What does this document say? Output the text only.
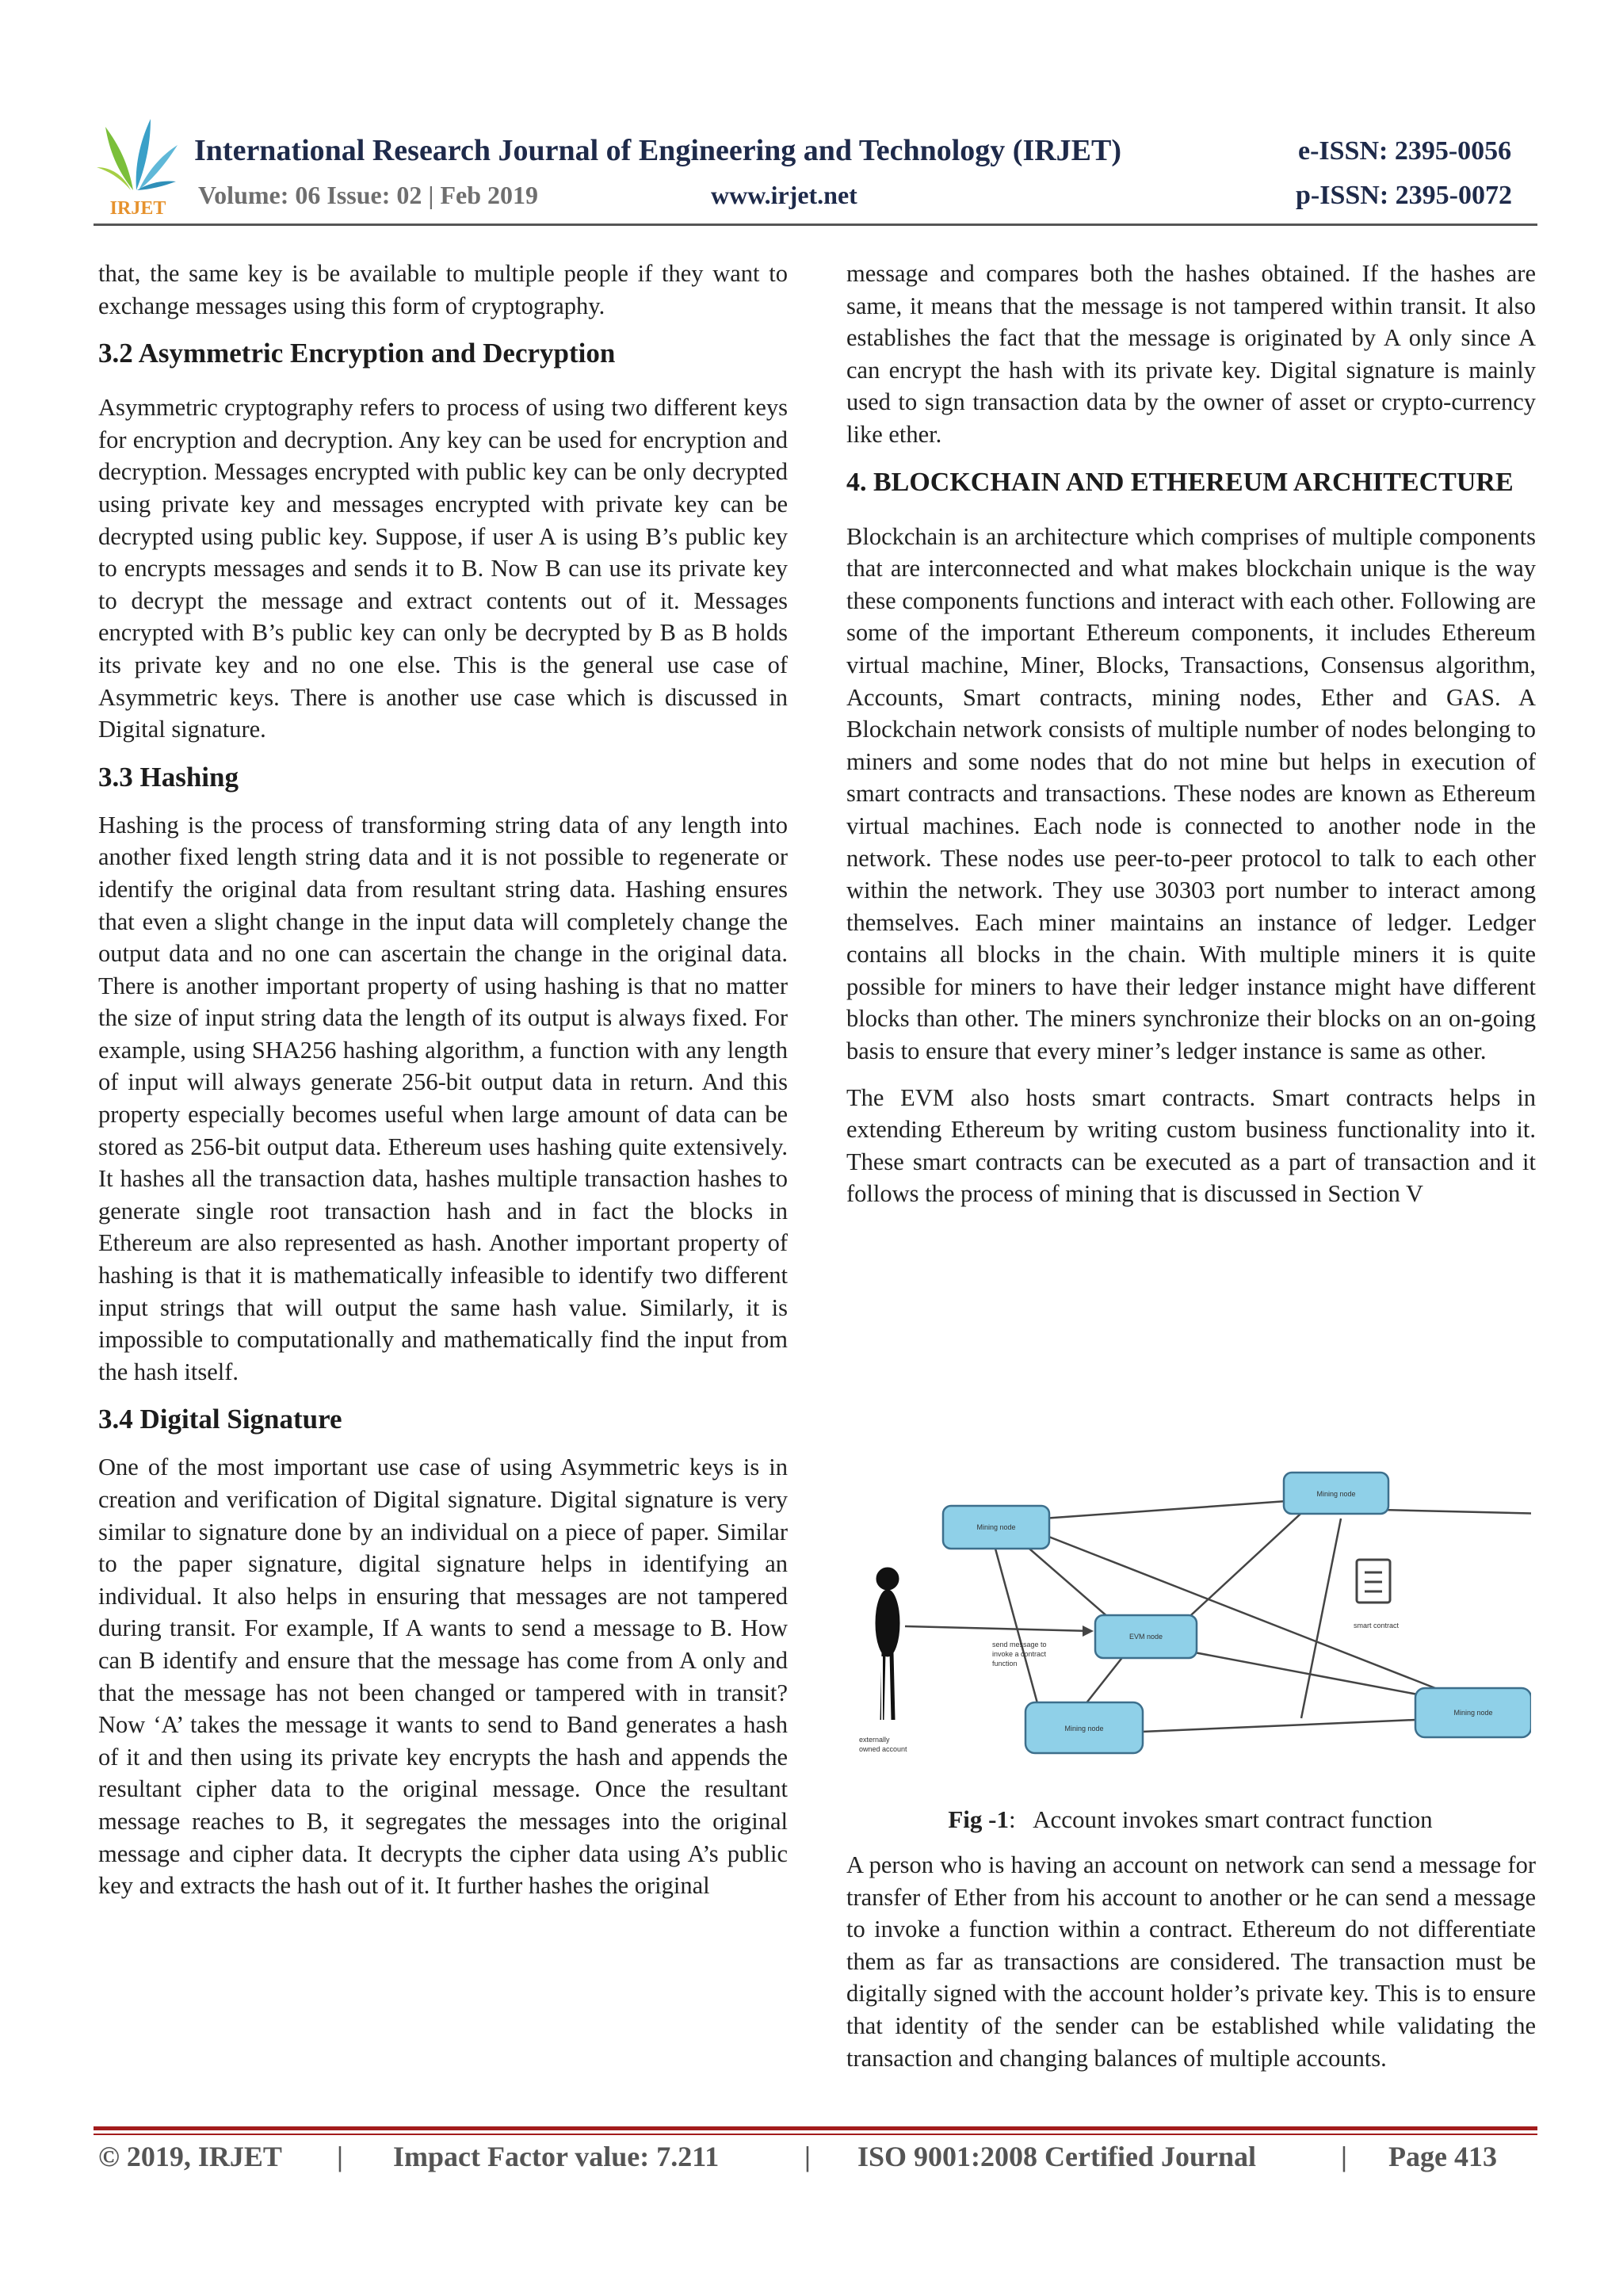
IRJET
International Research Journal of Engineering and Technology (IRJET)	e-ISSN: 2395-0056
Volume: 06 Issue: 02 | Feb 2019	www.irjet.net	p-ISSN: 2395-0072

that, the same key is be available to multiple people if they want to exchange messages using this form of cryptography.

3.2 Asymmetric Encryption and Decryption

Asymmetric cryptography refers to process of using two different keys for encryption and decryption. Any key can be used for encryption and decryption. Messages encrypted with public key can be only decrypted using private key and messages encrypted with private key can be decrypted using public key. Suppose, if user A is using B’s public key to encrypts messages and sends it to B. Now B can use its private key to decrypt the message and extract contents out of it. Messages encrypted with B’s public key can only be decrypted by B as B holds its private key and no one else. This is the general use case of Asymmetric keys. There is another use case which is discussed in Digital signature.

3.3 Hashing

Hashing is the process of transforming string data of any length into another fixed length string data and it is not possible to regenerate or identify the original data from resultant string data. Hashing ensures that even a slight change in the input data will completely change the output data and no one can ascertain the change in the original data. There is another important property of using hashing is that no matter the size of input string data the length of its output is always fixed. For example, using SHA256 hashing algorithm, a function with any length of input will always generate 256-bit output data in return. And this property especially becomes useful when large amount of data can be stored as 256-bit output data. Ethereum uses hashing quite extensively. It hashes all the transaction data, hashes multiple transaction hashes to generate single root transaction hash and in fact the blocks in Ethereum are also represented as hash. Another important property of hashing is that it is mathematically infeasible to identify two different input strings that will output the same hash value. Similarly, it is impossible to computationally and mathematically find the input from the hash itself.

3.4 Digital Signature

One of the most important use case of using Asymmetric keys is in creation and verification of Digital signature. Digital signature is very similar to signature done by an individual on a piece of paper. Similar to the paper signature, digital signature helps in identifying an individual. It also helps in ensuring that messages are not tampered during transit. For example, If A wants to send a message to B. How can B identify and ensure that the message has come from A only and that the message has not been changed or tampered with in transit? Now ‘A’ takes the message it wants to send to Band generates a hash of it and then using its private key encrypts the hash and appends the resultant cipher data to the original message. Once the resultant message reaches to B, it segregates the messages into the original message and cipher data. It decrypts the cipher data using A’s public key and extracts the hash out of it. It further hashes the original

message and compares both the hashes obtained. If the hashes are same, it means that the message is not tampered within transit. It also establishes the fact that the message is originated by A only since A can encrypt the hash with its private key. Digital signature is mainly used to sign transaction data by the owner of asset or crypto-currency like ether.

4. BLOCKCHAIN AND ETHEREUM ARCHITECTURE

Blockchain is an architecture which comprises of multiple components that are interconnected and what makes blockchain unique is the way these components functions and interact with each other. Following are some of the important Ethereum components, it includes Ethereum virtual machine, Miner, Blocks, Transactions, Consensus algorithm, Accounts, Smart contracts, mining nodes, Ether and GAS. A Blockchain network consists of multiple number of nodes belonging to miners and some nodes that do not mine but helps in execution of smart contracts and transactions. These nodes are known as Ethereum virtual machines. Each node is connected to another node in the network. These nodes use peer-to-peer protocol to talk to each other within the network. They use 30303 port number to interact among themselves. Each miner maintains an instance of ledger. Ledger contains all blocks in the chain. With multiple miners it is quite possible for miners to have their ledger instance might have different blocks than other. The miners synchronize their blocks on an on-going basis to ensure that every miner’s ledger instance is same as other.

The EVM also hosts smart contracts. Smart contracts helps in extending Ethereum by writing custom business functionality into it. These smart contracts can be executed as a part of transaction and it follows the process of mining that is discussed in Section V

Mining node
Mining node
EVM node
Mining node
Mining node
smart contract
externally
owned account
send message to
invoke a contract
function
Fig -1:   Account invokes smart contract function

A person who is having an account on network can send a message for transfer of Ether from his account to another or he can send a message to invoke a function within a contract. Ethereum do not differentiate them as far as transactions are considered. The transaction must be digitally signed with the account holder’s private key. This is to ensure that identity of the sender can be established while validating the transaction and changing balances of multiple accounts.

© 2019, IRJET | Impact Factor value: 7.211	| ISO 9001:2008 Certified Journal	| Page 413
